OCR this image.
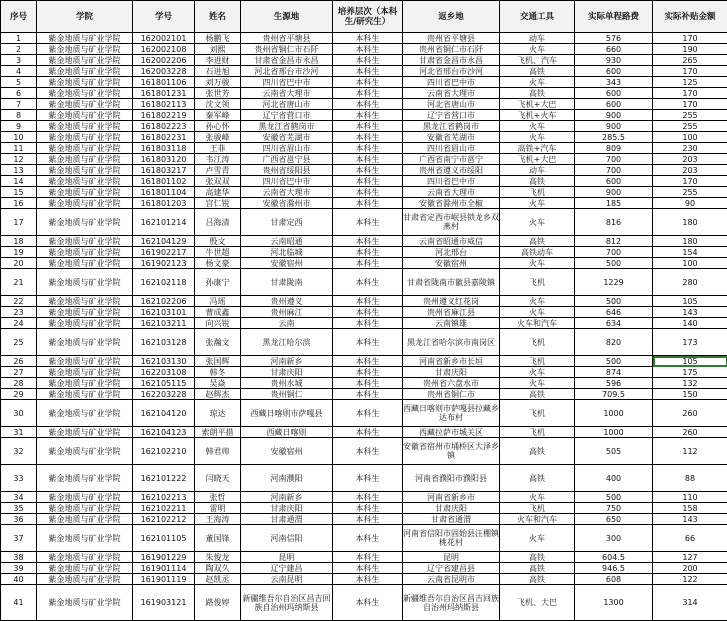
序号	学院	学号	姓名	生源地	培养层次（本科生/研究生）	返乡地	交通工具	实际单程路费	实际补贴金额
1	紫金地质与矿业学院	162002101	杨鹏飞	贵州省平塘县	本科生	贵州省平塘县	动车	576	170
2	紫金地质与矿业学院	162002108	刘熙	贵州省铜仁市石阡	本科生	贵州省铜仁市石阡	火车	660	190
3	紫金地质与矿业学院	162002206	李进财	甘肃省金昌市永昌	本科生	甘肃省金昌市永昌	飞机、汽车	930	265
4	紫金地质与矿业学院	162003228	石进旭	河北省邢台市沙河	本科生	河北省邢台市沙河	高铁	600	170
5	紫金地质与矿业学院	161801106	刘万骏	四川省巴中市	本科生	四川省巴中市	火车	343	125
6	紫金地质与矿业学院	161801231	张世芳	云南省大理市	本科生	云南省大理市	高铁	600	170
7	紫金地质与矿业学院	161802113	沈文领	河北省唐山市	本科生	河北省唐山市	飞机+大巴	600	170
8	紫金地质与矿业学院	161802219	秦军峰	辽宁省营口市	本科生	辽宁省营口市	飞机+火车	900	255
9	紫金地质与矿业学院	161802223	孙心怀	黑龙江省鹤岗市	本科生	黑龙江省鹤岗市	火车	900	255
10	紫金地质与矿业学院	161802231	张骏峰	安徽省芜湖市	本科生	安徽省芜湖市	火车	285.5	100
11	紫金地质与矿业学院	161803118	王菲	四川省眉山市	本科生	四川省眉山市	高铁+汽车	809	230
12	紫金地质与矿业学院	161803120	韦江涛	广西省邕宁县	本科生	广西省南宁市邕宁	飞机+大巴	700	203
13	紫金地质与矿业学院	161803217	卢雪青	贵州省绥阳县	本科生	贵州省遵义市绥阳	动车	700	203
14	紫金地质与矿业学院	161801102	张双双	四川省巴中市	本科生	四川省巴中市	高铁	600	170
15	紫金地质与矿业学院	161801104	高建华	云南省大理市	本科生	云南省大理市	飞机	900	255
16	紫金地质与矿业学院	161801203	宫仁锐	安徽省滁州市	本科生	安徽省滁州市全椒	火车	185	90
17	紫金地质与矿业学院	162101214	吕海清	甘肃定西	本科生	甘肃省定西市岷县锁龙乡双燕村	火车	816	180
18	紫金地质与矿业学院	162104129	殷文	云南昭通	本科生	云南省昭通市威信	高铁	812	180
19	紫金地质与矿业学院	161902217	牛世超	河北临城	本科生	河北邢台	高铁动车	700	154
20	紫金地质与矿业学院	161902123	杨文豪	安徽宿州	本科生	安徽宿州	火车	500	100
21	紫金地质与矿业学院	162102118	孙康宁	甘肃陇南	本科生	甘肃省陇南市徽县嘉陵镇	飞机	1229	280
22	紫金地质与矿业学院	162102206	冯瑶	贵州遵义	本科生	贵州遵义红花岗	火车	500	105
23	紫金地质与矿业学院	162103101	曹成鑫	贵州麻江	本科生	贵州省麻江县	火车	646	143
24	紫金地质与矿业学院	162103211	向兴锐	云南	本科生	云南镇雄	火车和汽车	634	140
25	紫金地质与矿业学院	162103128	张瀚文	黑龙江哈尔滨	本科生	黑龙江省哈尔滨市南岗区	飞机	820	173
26	紫金地质与矿业学院	162103130	张国辉	河南新乡	本科生	河南省新乡市长垣	飞机	500	105
27	紫金地质与矿业学院	162203108	韩冬	甘肃庆阳	本科生	甘肃庆阳	火车	874	175
28	紫金地质与矿业学院	162105115	吴焱	贵州水城	本科生	贵州省六盘水市	火车	596	132
29	紫金地质与矿业学院	162203228	赵辉杰	贵州铜仁	本科生	贵州省铜仁市	高铁	709.5	150
30	紫金地质与矿业学院	162104120	琼达	西藏日喀则市萨嘎县	本科生	西藏日喀则市萨嘎县拉藏乡达布村	飞机	1000	260
31	紫金地质与矿业学院	162104123	索朗平措	西藏日喀则	本科生	西藏拉萨市城关区	飞机	1000	260
32	紫金地质与矿业学院	162102210	韩君帅	安徽宿州	本科生	安徽省宿州市埇桥区大泽乡镇	高铁	505	112
33	紫金地质与矿业学院	162101222	闫晓天	河南濮阳	本科生	河南省濮阳市濮阳县	高铁	400	88
34	紫金地质与矿业学院	162102213	张哲	河南新乡	本科生	河南省新乡市	火车	500	110
35	紫金地质与矿业学院	162102211	雷明	甘肃庆阳	本科生	甘肃庆阳	飞机	750	158
36	紫金地质与矿业学院	162102212	王海涛	甘肃通渭	本科生	甘肃省通渭	火车和汽车	650	143
37	紫金地质与矿业学院	162101105	董国锋	河南信阳	本科生	河南省信阳市固始县汪棚镇桃花村	火车	300	66
38	紫金地质与矿业学院	161901229	朱俊龙	昆明	本科生	昆明	高铁	604.5	127
39	紫金地质与矿业学院	161901114	陶双久	辽宁建昌	本科生	辽宁省建昌县	高铁	946.5	200
40	紫金地质与矿业学院	161901119	赵凯丞	云南昆明	本科生	云南省昆明市	高铁	608	122
41	紫金地质与矿业学院	161903121	路俊婷	新疆维吾尔自治区昌吉回族自治州玛纳斯县	本科生	新疆维吾尔自治区昌吉回族自治州玛纳斯县	飞机、大巴	1300	314
